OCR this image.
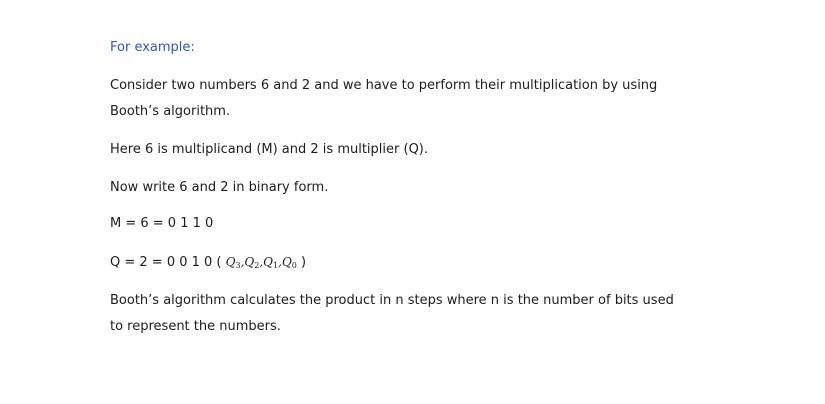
For example:
Consider two numbers 6 and 2 and we have to perform their multiplication by using
Booth’s algorithm.
Here 6 is multiplicand (M) and 2 is multiplier (Q).
Now write 6 and 2 in binary form.
M = 6 = 0 1 1 0
Q = 2 = 0 0 1 0 ( $Q_3,Q_2,Q_1,Q_0$ )
Booth’s algorithm calculates the product in n steps where n is the number of bits used
to represent the numbers.
